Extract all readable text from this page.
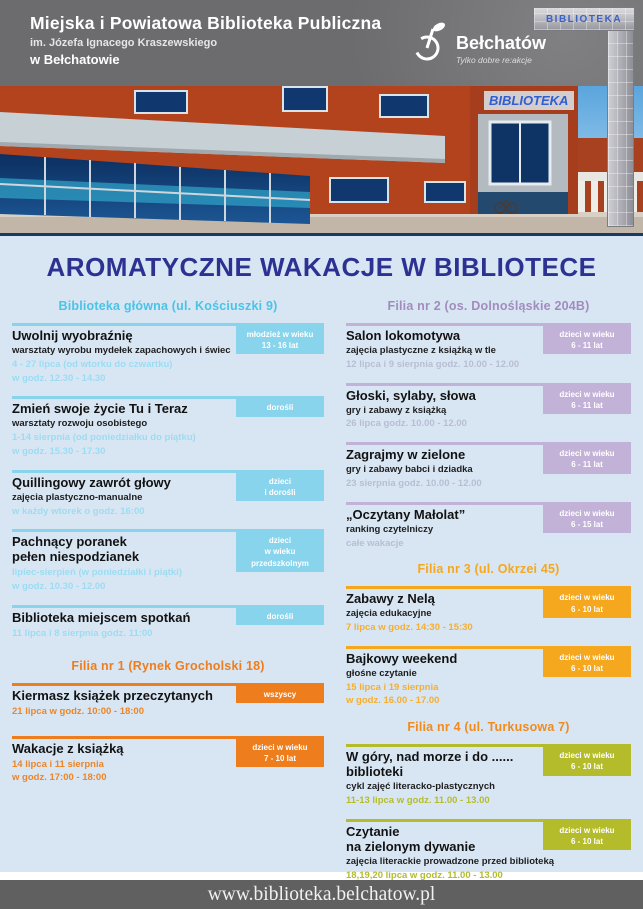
Miejska i Powiatowa Biblioteka Publiczna
im. Józefa Ignacego Kraszewskiego
w Bełchatowie
Bełchatów
Tylko dobre re:akcje
BIBLIOTEKA
BIBLIOTEKA
AROMATYCZNE WAKACJE W BIBLIOTECE
Biblioteka główna (ul. Kościuszki 9)
młodzież w wieku
13 - 16 lat
Uwolnij wyobraźnię
warsztaty wyrobu mydełek zapachowych i świec
4 - 27 lipca (od wtorku do czwartku)
w godz. 12.30 - 14.30
dorośli
Zmień swoje życie Tu i Teraz
warsztaty rozwoju osobistego
1-14 sierpnia (od poniedziałku do piątku)
w godz. 15.30 - 17.30
dzieci
i dorośli
Quillingowy zawrót głowy
zajęcia plastyczno-manualne
w każdy wtorek o godz. 16:00
dzieci
w wieku
przedszkolnym
Pachnący poranek
pełen niespodzianek
lipiec-sierpień (w poniedziałki i piątki)
w godz. 10.30 - 12.00
dorośli
Biblioteka miejscem spotkań
11 lipca i 8 sierpnia godz. 11:00
Filia nr 1 (Rynek Grocholski 18)
wszyscy
Kiermasz książek przeczytanych
21 lipca w godz. 10:00 - 18:00
dzieci w wieku
7 - 10 lat
Wakacje z książką
14 lipca i 11 sierpnia
w godz. 17:00 - 18:00
Filia nr 2 (os. Dolnośląskie 204B)
dzieci w wieku
6 - 11 lat
Salon lokomotywa
zajęcia plastyczne z książką w tle
12 lipca i 9 sierpnia godz. 10.00 - 12.00
dzieci w wieku
6 - 11 lat
Głoski, sylaby, słowa
gry i zabawy z książką
26 lipca godz. 10.00 - 12.00
dzieci w wieku
6 - 11 lat
Zagrajmy w zielone
gry i zabawy babci i dziadka
23 sierpnia godz. 10.00 - 12.00
dzieci w wieku
6 - 15 lat
„Oczytany Małolat”
ranking czytelniczy
całe wakacje
Filia nr 3 (ul. Okrzei 45)
dzieci w wieku
6 - 10 lat
Zabawy z Nelą
zajęcia edukacyjne
7 lipca w godz. 14:30 - 15:30
dzieci w wieku
6 - 10 lat
Bajkowy weekend
głośne czytanie
15 lipca i 19 sierpnia
w godz. 16.00 - 17.00
Filia nr 4 (ul. Turkusowa 7)
dzieci w wieku
6 - 10 lat
W góry, nad morze i do ......
biblioteki
cykl zajęć literacko-plastycznych
11-13 lipca w godz. 11.00 - 13.00
dzieci w wieku
6 - 10 lat
Czytanie
na zielonym dywanie
zajęcia literackie prowadzone przed biblioteką
18,19,20 lipca w godz. 11.00 - 13.00
www.biblioteka.belchatow.pl
